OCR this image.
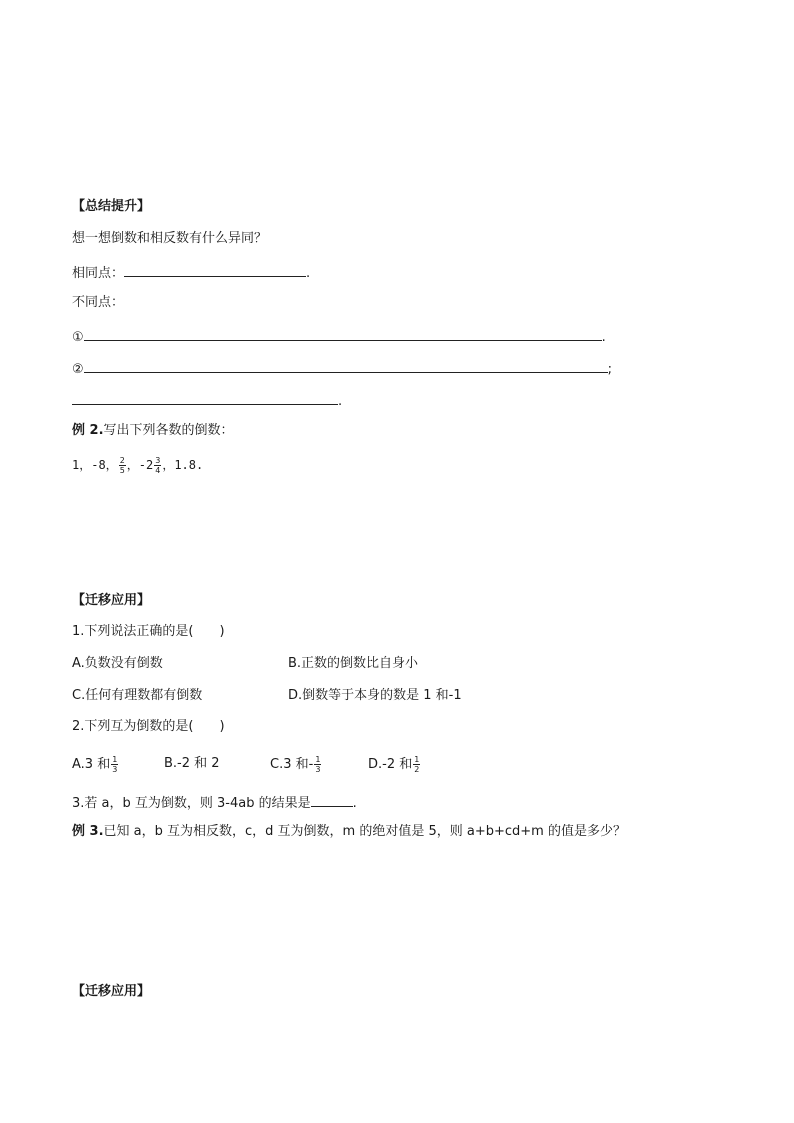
【总结提升】
想一想倒数和相反数有什么异同？
相同点：	.
不同点：
①	.
②	;
.
例 2.写出下列各数的倒数：
1，-8， $\frac{2}{5}$ ，$-2 \frac{3}{4}$ ，1.8.
【迁移应用】
1.下列说法正确的是(　　)
A.负数没有倒数	B.正数的倒数比自身小
C.任何有理数都有倒数	D.倒数等于本身的数是 1 和-1
2.下列互为倒数的是(　　)
A.3 和 $\frac{1}{3}$	B.-2 和 2	C.3 和- $\frac{1}{3}$	D.-2 和 $\frac{1}{2}$
3.若 a，b 互为倒数，则 3-4ab 的结果是	.
例 3.已知 a，b 互为相反数，c，d 互为倒数，m 的绝对值是 5，则 a+b+cd+m 的值是多少？
【迁移应用】
